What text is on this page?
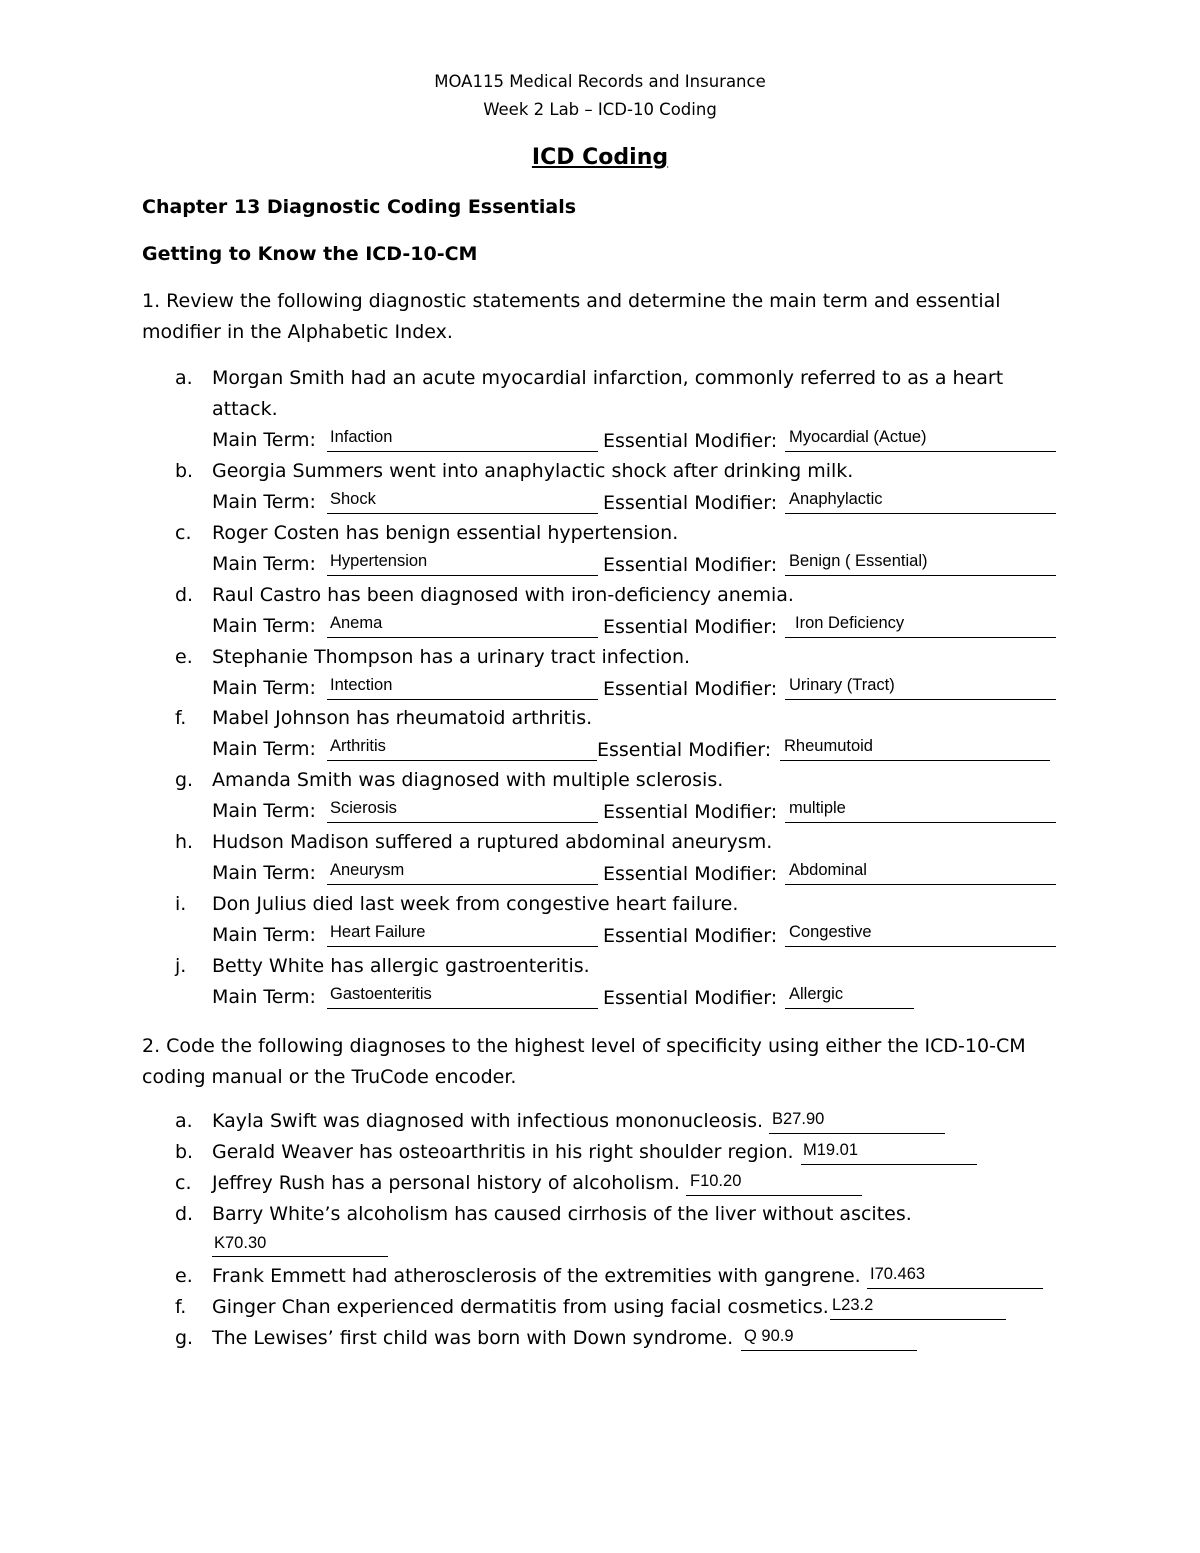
MOA115 Medical Records and Insurance
Week 2 Lab – ICD-10 Coding
ICD Coding
Chapter 13 Diagnostic Coding Essentials
Getting to Know the ICD-10-CM
1. Review the following diagnostic statements and determine the main term and essential
modifier in the Alphabetic Index.
a. Morgan Smith had an acute myocardial infarction, commonly referred to as a heart
attack.
Main Term: Infaction	Essential Modifier: Myocardial (Actue)
b. Georgia Summers went into anaphylactic shock after drinking milk.
Main Term: Shock	Essential Modifier: Anaphylactic
c. Roger Costen has benign essential hypertension.
Main Term: Hypertension	Essential Modifier: Benign ( Essential)
d. Raul Castro has been diagnosed with iron-deficiency anemia.
Main Term: Anema	Essential Modifier: Iron Deficiency
e. Stephanie Thompson has a urinary tract infection.
Main Term: Intection	Essential Modifier: Urinary (Tract)
f. Mabel Johnson has rheumatoid arthritis.
Main Term: Arthritis	Essential Modifier: Rheumutoid
g. Amanda Smith was diagnosed with multiple sclerosis.
Main Term: Scierosis	Essential Modifier: multiple
h. Hudson Madison suffered a ruptured abdominal aneurysm.
Main Term: Aneurysm	Essential Modifier: Abdominal
i. Don Julius died last week from congestive heart failure.
Main Term: Heart Failure	Essential Modifier: Congestive
j. Betty White has allergic gastroenteritis.
Main Term: Gastoenteritis	Essential Modifier: Allergic
2. Code the following diagnoses to the highest level of specificity using either the ICD-10-CM
coding manual or the TruCode encoder.
a. Kayla Swift was diagnosed with infectious mononucleosis. B27.90
b. Gerald Weaver has osteoarthritis in his right shoulder region. M19.01
c. Jeffrey Rush has a personal history of alcoholism. F10.20
d. Barry White’s alcoholism has caused cirrhosis of the liver without ascites.
K70.30
e. Frank Emmett had atherosclerosis of the extremities with gangrene. I70.463
f. Ginger Chan experienced dermatitis from using facial cosmetics. L23.2
g. The Lewises’ first child was born with Down syndrome. Q 90.9
